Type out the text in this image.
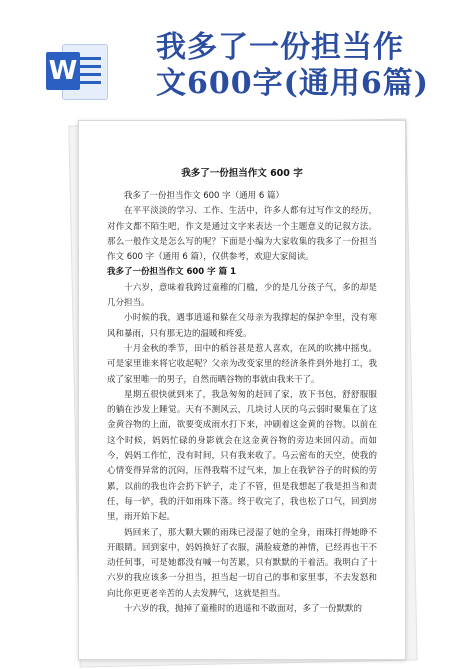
W
我多了一份担当作
文600字(通用6篇)
我多了一份担当作文 600 字

我多了一份担当作文 600 字（通用 6 篇）

在平平淡淡的学习、工作、生活中，许多人都有过写作文的经历，对作文都不陌生吧，作文是通过文字来表达一个主题意义的记叙方法。那么一般作文是怎么写的呢？下面是小编为大家收集的我多了一份担当作文 600 字（通用 6 篇），仅供参考，欢迎大家阅读。

我多了一份担当作文 600 字 篇 1

十六岁，意味着我跨过童稚的门槛，少的是几分孩子气，多的却是几分担当。

小时候的我，遇事逍遥和躲在父母亲为我撑起的保护伞里，没有寒风和暴雨，只有那无边的温暖和疼爱。

十月金秋的季节，田中的稻谷甚是惹人喜欢，在风的吹拂中摇曳。可是家里谁来将它收起呢？父亲为改变家里的经济条件到外地打工，我成了家里唯一的男子，自然而晒谷物的事就由我来干了。

星期五很快就到来了，我急匆匆的赶回了家，放下书包，舒舒服服的躺在沙发上睡觉。天有不测风云，几块讨人厌的乌云弱时聚集在了这金黄谷物的上面，欲要变成雨水打下来，冲刷着这金黄的谷物。以前在这个时候，妈妈忙碌的身影就会在这金黄谷物的旁边来回闪动。而如今，妈妈工作忙，没有时间，只有我来收了。乌云密布的天空，使我的心情变得异常的沉闷，压得我喘不过气来，加上在我铲谷子的时候的劳累，以前的我也许会扔下铲子，走了不管，但是我想起了我是担当和责任，每一铲，我的汗如雨珠下落。终于收完了，我也松了口气，回到房里，雨开始下起。

妈回来了，那大颗大颗的雨珠已浸湿了她的全身，雨珠打得她睁不开眼睛。回到家中，妈妈换好了衣服，满脸疲惫的神情，已经再也干不动任何事，可是她都没有喊一句苦累，只有默默的干着活。我明白了十六岁的我应该多一分担当，担当起一切自己的事和家里事，不去发怒和向比你更更老辛苦的人去发脾气，这就是担当。

十六岁的我，抛掉了童稚时的逍遥和不敢面对，多了一份默默的
